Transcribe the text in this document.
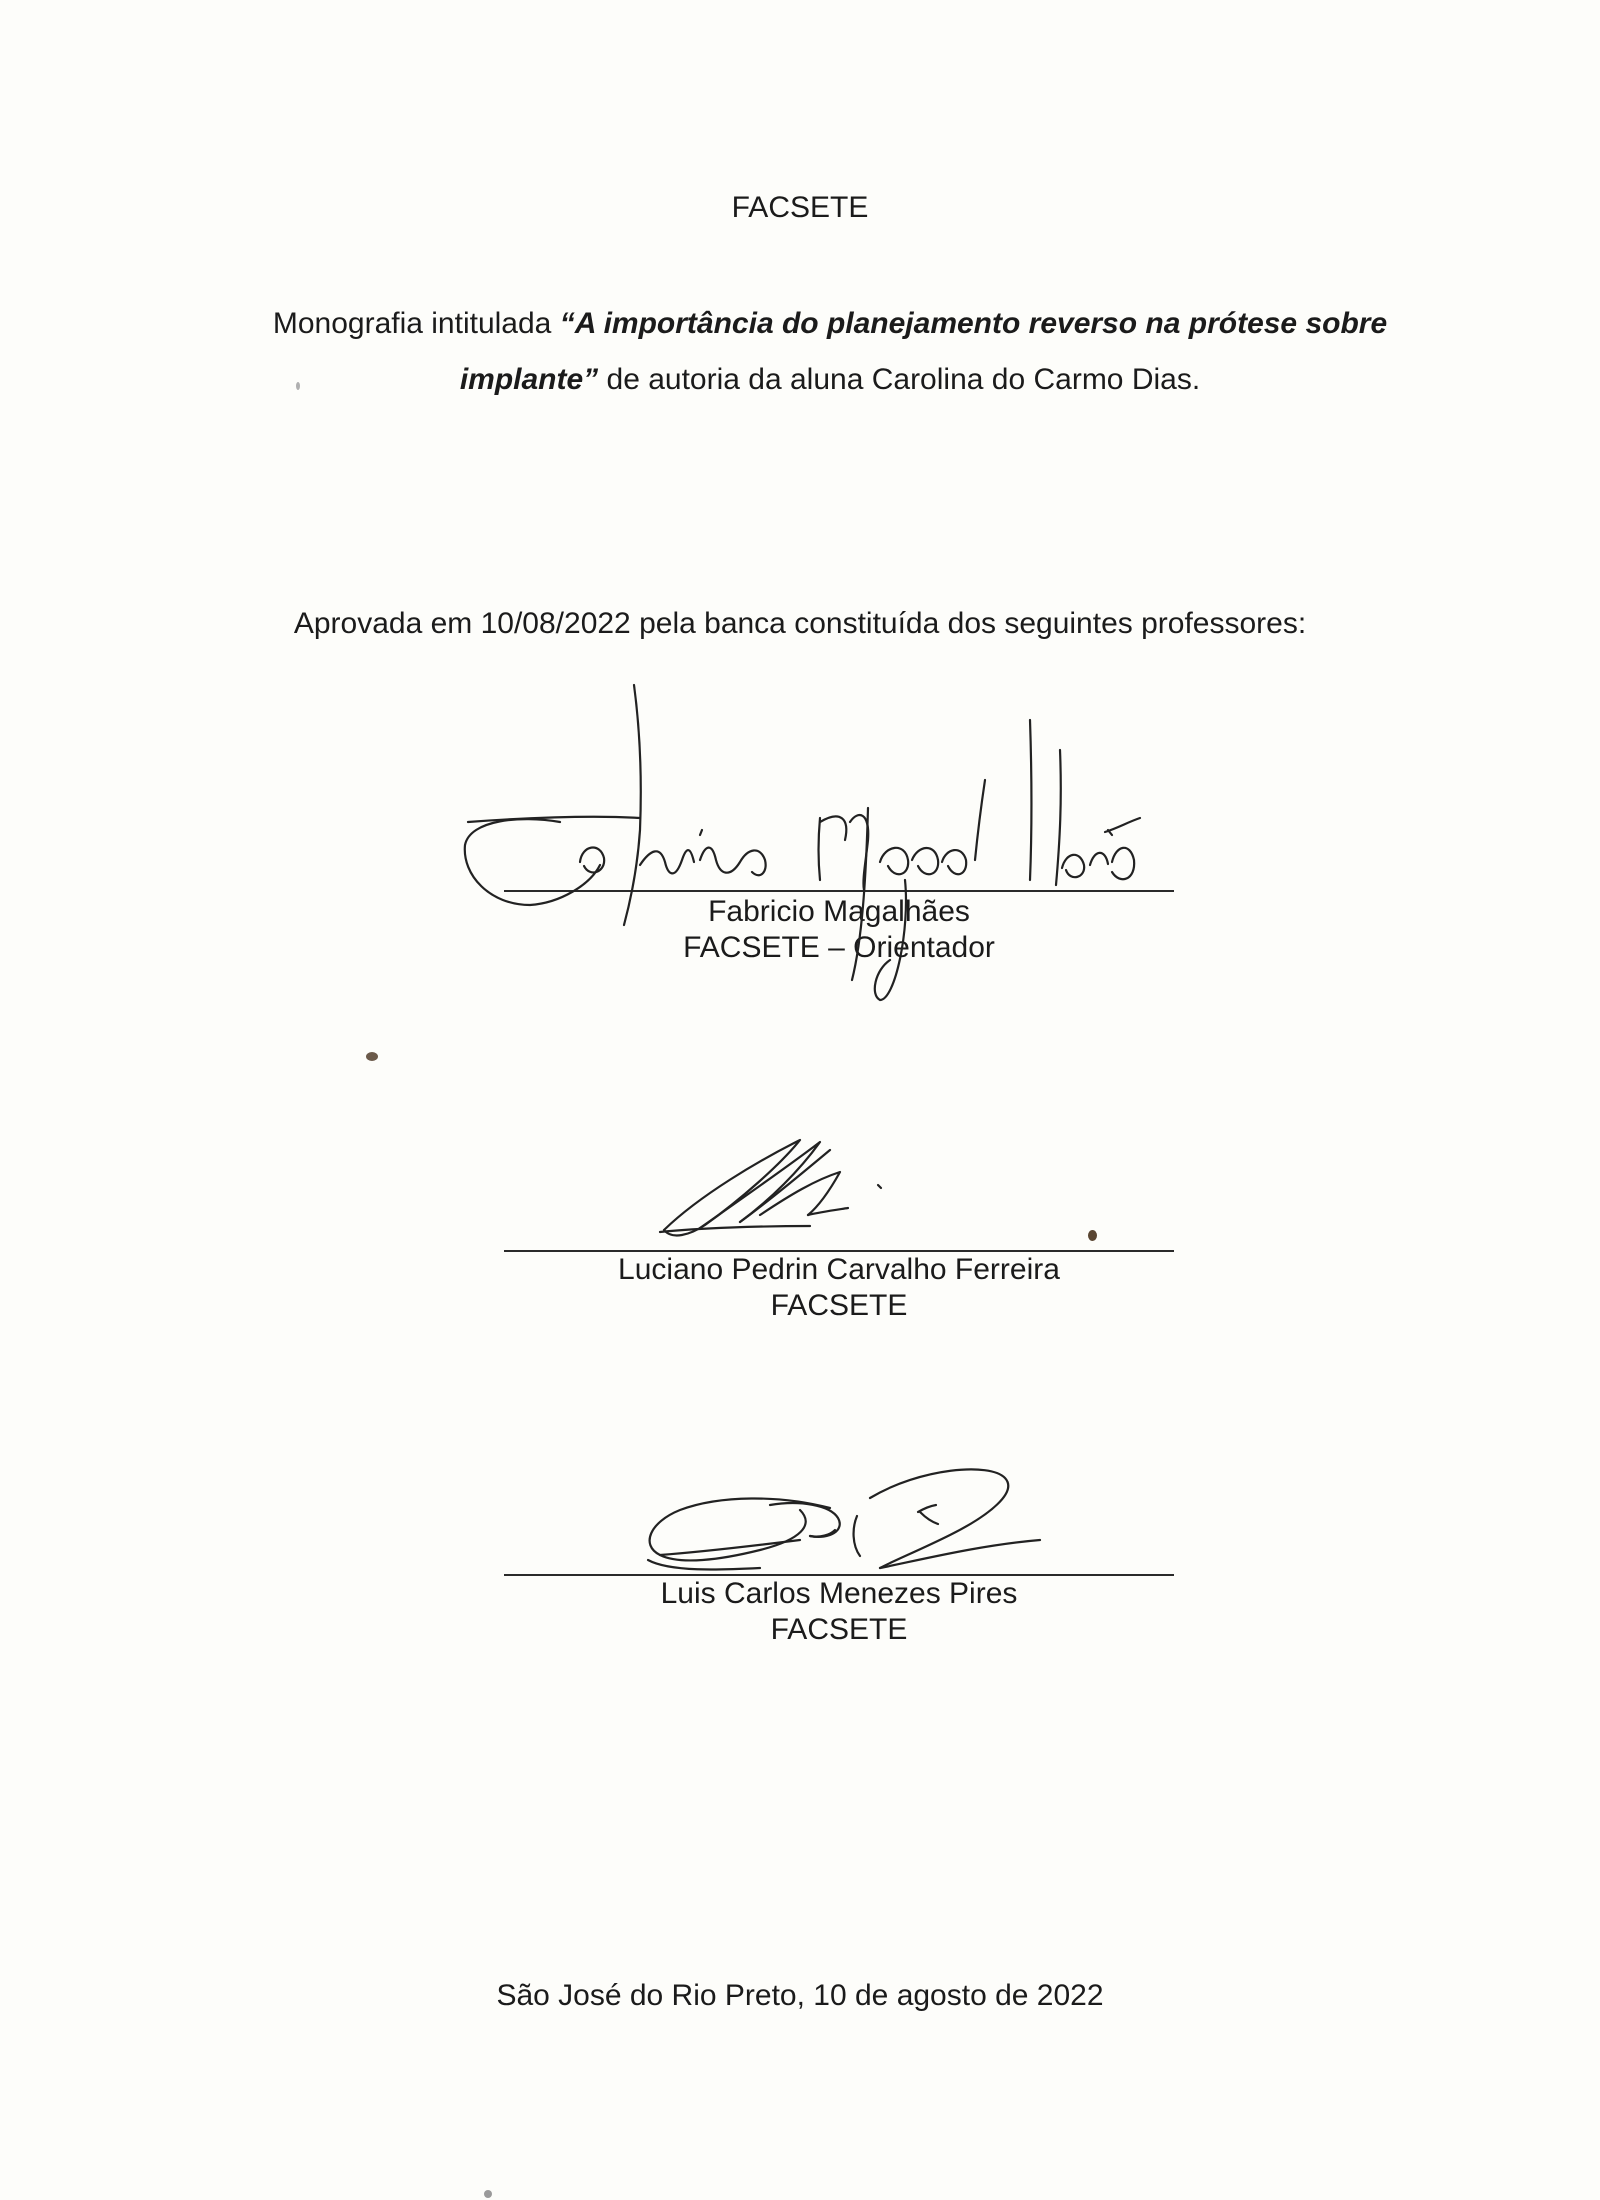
FACSETE
Monografia intitulada “A importância do planejamento reverso na prótese sobre
implante” de autoria da aluna Carolina do Carmo Dias.
Aprovada em 10/08/2022 pela banca constituída dos seguintes professores:
Fabricio Magalhães
FACSETE – Orientador
Luciano Pedrin Carvalho Ferreira
FACSETE
Luis Carlos Menezes Pires
FACSETE
São José do Rio Preto, 10 de agosto de 2022
